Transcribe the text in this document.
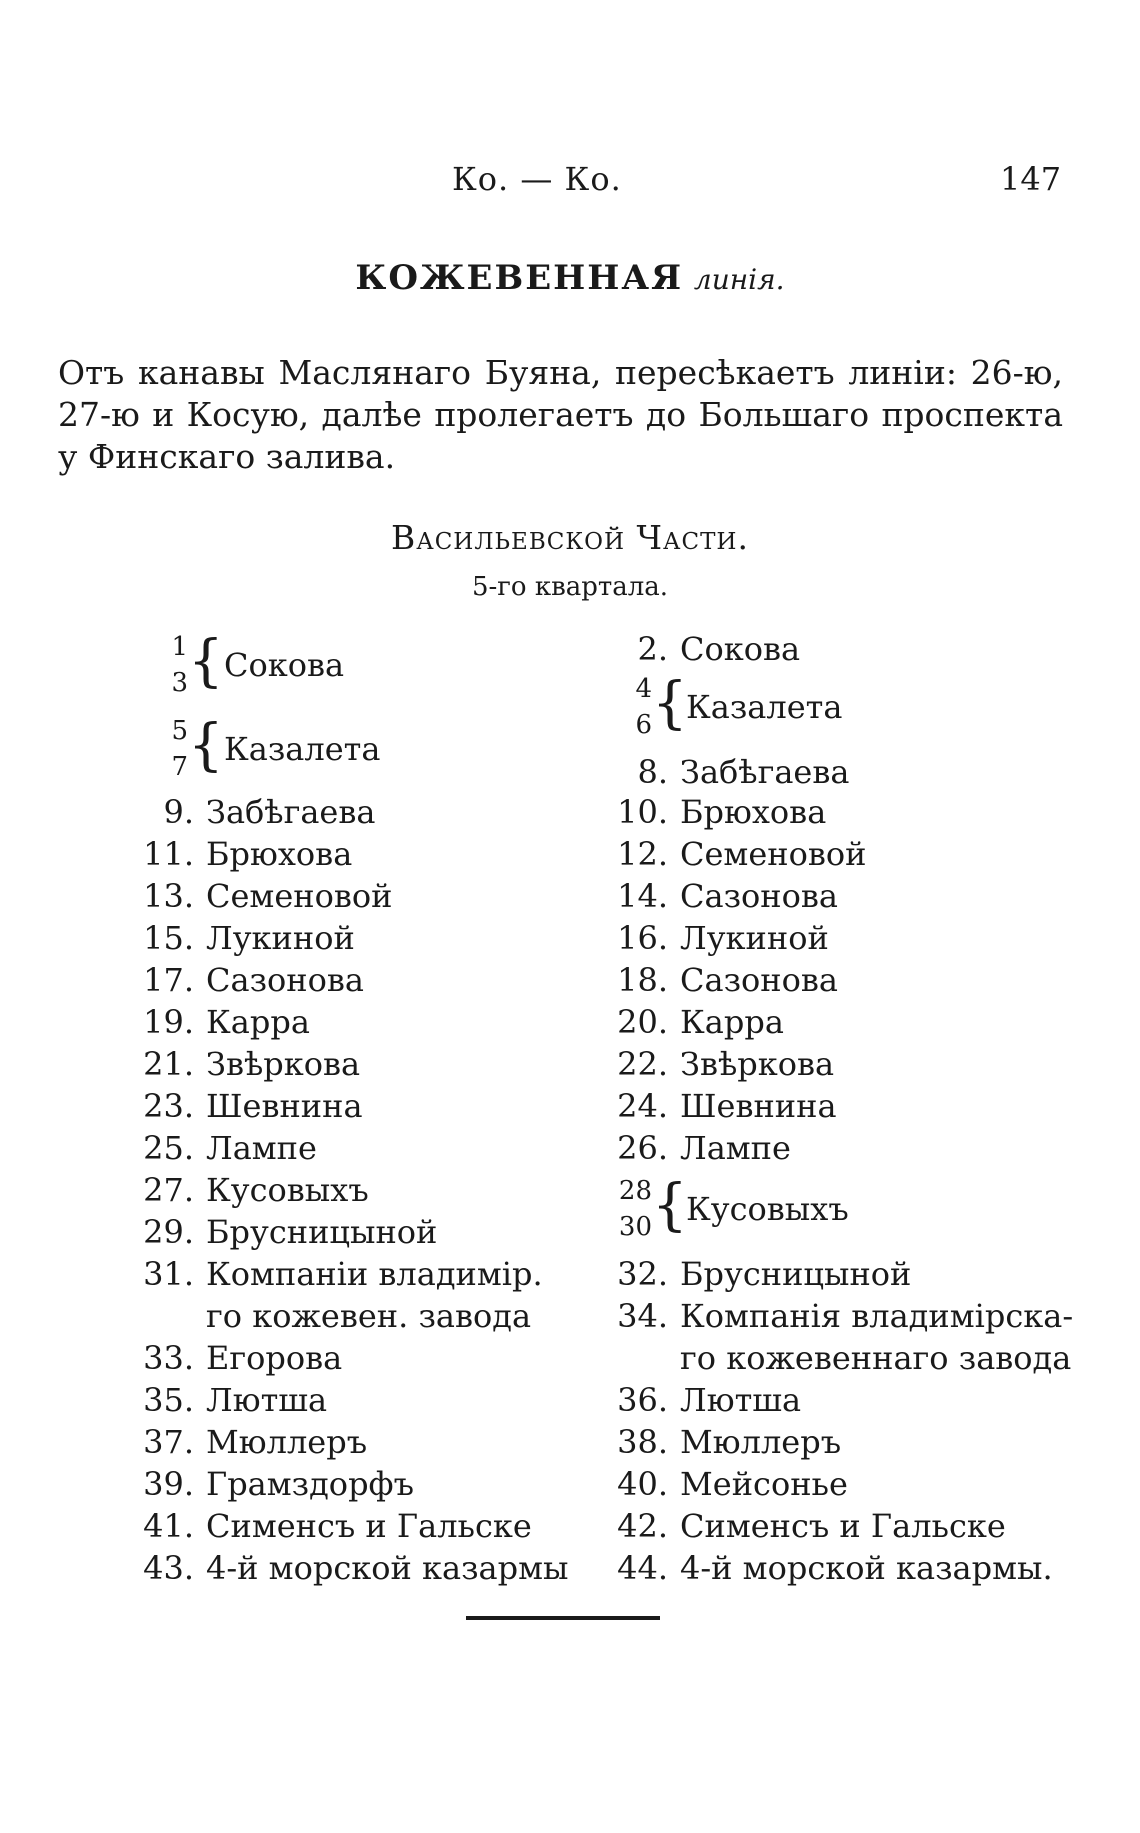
Ко. — Ко.	147
КОЖЕВЕННАЯ линія.
Отъ канавы Маслянаго Буяна, пересѣкаетъ линіи: 26-ю,
27-ю и Косую, далѣе пролегаетъ до Большаго проспекта
у Финскаго залива.
Васильевской Части.
5-го квартала.
1
3 { Сокова
5
7 { Казалета
9. Забѣгаева
11. Брюхова
13. Семеновой
15. Лукиной
17. Сазонова
19. Карра
21. Звѣркова
23. Шевнина
25. Лампе
27. Кусовыхъ
29. Брусницыной
31. Компаніи владимір.
го кожевен. завода
33. Егорова
35. Лютша
37. Мюллеръ
39. Грамздорфъ
41. Сименсъ и Гальске
43. 4-й морской казармы
2. Сокова
4
6 {
Казалета
8. Забѣгаева
10. Брюхова
12. Семеновой
14. Сазонова
16. Лукиной
18. Сазонова
20. Карра
22. Звѣркова
24. Шевнина
26. Лампе
28
30 {
Кусовыхъ
32. Брусницыной
34. Компанія владимірска-
го кожевеннаго завода
36. Лютша
38. Мюллеръ
40. Мейсонье
42. Сименсъ и Гальске
44. 4-й морской казармы.
